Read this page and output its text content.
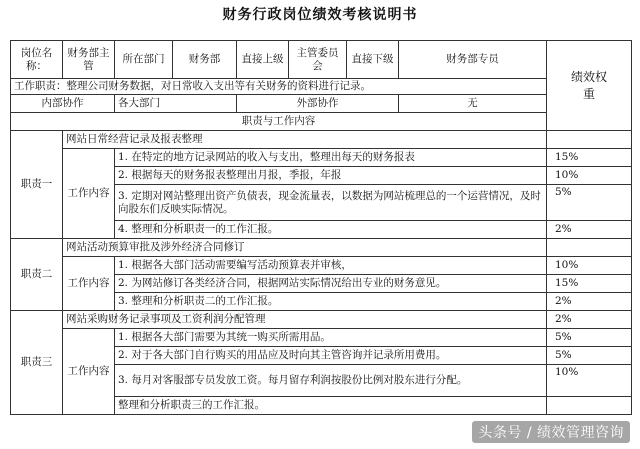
财务行政岗位绩效考核说明书
岗位名称：	财务部主管	所在部门	财务部	直接上级	主管委员会	直接下级	财务部专员	绩效权重
工作职责：整理公司财务数据，对日常收入支出等有关财务的资料进行记录。								
内部协作		各大部门		外部协作			无	
职责与工作内容								
职责一	网站日常经营记录及报表整理							
	工作内容	1. 在特定的地方记录网站的收入与支出，整理出每天的财务报表						15%
		2. 根据每天的财务报表整理出月报，季报，年报						10%
		3. 定期对网站整理出资产负债表，现金流量表，以数据为网站梳理总的一个运营情况，及时向股东们反映实际情况。						5%
		4. 整理和分析职责一的工作汇报。						2%
职责二	网站活动预算审批及涉外经济合同修订							
	工作内容	1. 根据各大部门活动需要编写活动预算表并审核，						10%
		2. 为网站修订各类经济合同，根据网站实际情况给出专业的财务意见。						15%
		3. 整理和分析职责二的工作汇报。						2%
职责三	网站采购财务记录事项及工资利润分配管理							2%
	工作内容	1. 根据各大部门需要为其统一购买所需用品。						5%
		2. 对于各大部门自行购买的用品应及时向其主管咨询并记录所用费用。						5%
		3. 每月对客服部专员发放工资。每月留存利润按股份比例对股东进行分配。						10%
		整理和分析职责三的工作汇报。						
头条号 / 绩效管理咨询
